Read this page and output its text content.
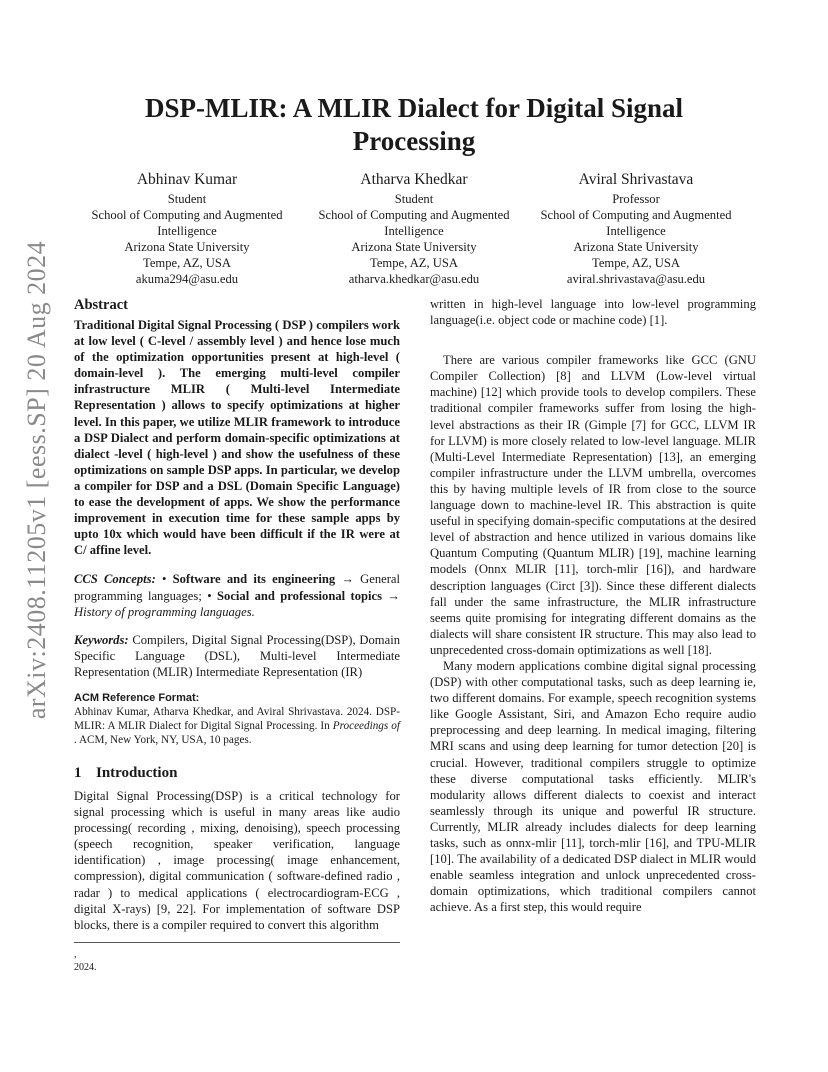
arXiv:2408.11205v1 [eess.SP] 20 Aug 2024
DSP-MLIR: A MLIR Dialect for Digital Signal Processing
Abhinav Kumar
Student
School of Computing and Augmented Intelligence
Arizona State University
Tempe, AZ, USA
akuma294@asu.edu
Atharva Khedkar
Student
School of Computing and Augmented Intelligence
Arizona State University
Tempe, AZ, USA
atharva.khedkar@asu.edu
Aviral Shrivastava
Professor
School of Computing and Augmented Intelligence
Arizona State University
Tempe, AZ, USA
aviral.shrivastava@asu.edu
Abstract

Traditional Digital Signal Processing ( DSP ) compilers work at low level ( C-level / assembly level ) and hence lose much of the optimization opportunities present at high-level ( domain-level ). The emerging multi-level compiler infrastructure MLIR ( Multi-level Intermediate Representation ) allows to specify optimizations at higher level. In this paper, we utilize MLIR framework to introduce a DSP Dialect and perform domain-specific optimizations at dialect -level ( high-level ) and show the usefulness of these optimizations on sample DSP apps. In particular, we develop a compiler for DSP and a DSL (Domain Specific Language) to ease the development of apps. We show the performance improvement in execution time for these sample apps by upto 10x which would have been difficult if the IR were at C/ affine level.

CCS Concepts: • Software and its engineering → General programming languages; • Social and professional topics → History of programming languages.

Keywords: Compilers, Digital Signal Processing(DSP), Domain Specific Language (DSL), Multi-level Intermediate Representation (MLIR) Intermediate Representation (IR)

ACM Reference Format:

Abhinav Kumar, Atharva Khedkar, and Aviral Shrivastava. 2024. DSP-MLIR: A MLIR Dialect for Digital Signal Processing. In Proceedings of . ACM, New York, NY, USA, 10 pages.

1 Introduction

Digital Signal Processing(DSP) is a critical technology for signal processing which is useful in many areas like audio processing( recording , mixing, denoising), speech processing (speech recognition, speaker verification, language identification) , image processing( image enhancement, compression), digital communication ( software-defined radio , radar ) to medical applications ( electrocardiogram-ECG , digital X-rays) [9, 22]. For implementation of software DSP blocks, there is a compiler required to convert this algorithm

written in high-level language into low-level programming language(i.e. object code or machine code) [1].

There are various compiler frameworks like GCC (GNU Compiler Collection) [8] and LLVM (Low-level virtual machine) [12] which provide tools to develop compilers. These traditional compiler frameworks suffer from losing the high-level abstractions as their IR (Gimple [7] for GCC, LLVM IR for LLVM) is more closely related to low-level language. MLIR (Multi-Level Intermediate Representation) [13], an emerging compiler infrastructure under the LLVM umbrella, overcomes this by having multiple levels of IR from close to the source language down to machine-level IR. This abstraction is quite useful in specifying domain-specific computations at the desired level of abstraction and hence utilized in various domains like Quantum Computing (Quantum MLIR) [19], machine learning models (Onnx MLIR [11], torch-mlir [16]), and hardware description languages (Circt [3]). Since these different dialects fall under the same infrastructure, the MLIR infrastructure seems quite promising for integrating different domains as the dialects will share consistent IR structure. This may also lead to unprecedented cross-domain optimizations as well [18].

Many modern applications combine digital signal processing (DSP) with other computational tasks, such as deep learning ie, two different domains. For example, speech recognition systems like Google Assistant, Siri, and Amazon Echo require audio preprocessing and deep learning. In medical imaging, filtering MRI scans and using deep learning for tumor detection [20] is crucial. However, traditional compilers struggle to optimize these diverse computational tasks efficiently. MLIR's modularity allows different dialects to coexist and interact seamlessly through its unique and powerful IR structure. Currently, MLIR already includes dialects for deep learning tasks, such as onnx-mlir [11], torch-mlir [16], and TPU-MLIR [10]. The availability of a dedicated DSP dialect in MLIR would enable seamless integration and unlock unprecedented cross-domain optimizations, which traditional compilers cannot achieve. As a first step, this would require

,
2024.
